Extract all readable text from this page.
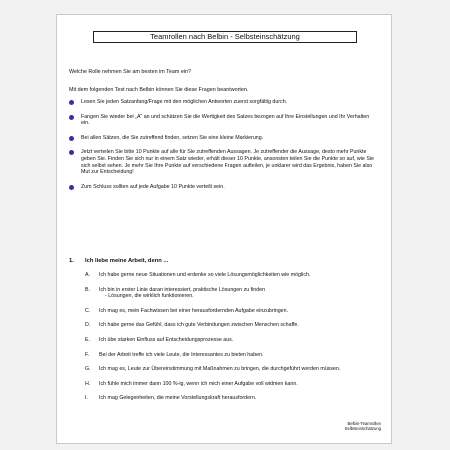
Teamrollen nach Belbin - Selbsteinschätzung
Welche Rolle nehmen Sie am besten im Team ein?
Mit dem folgenden Test nach Belbin können Sie diese Fragen beantworten.
Lesen Sie jeden Satzanfang/Frage mit den möglichen Antworten zuerst sorgfältig durch.
Fangen Sie wieder bei „A“ an und schätzen Sie die Wertigkeit des Satzes bezogen auf Ihre Einstellungen und Ihr Verhalten ein.
Bei allen Sätzen, die Sie zutreffend finden, setzen Sie eine kleine Markierung.
Jetzt verteilen Sie bitte 10 Punkte auf alle für Sie zutreffenden Aussagen. Je zutreffender die Aussage, desto mehr Punkte geben Sie. Finden Sie sich nur in einem Satz wieder, erhält dieser 10 Punkte, ansonsten teilen Sie die Punkte so auf, wie Sie sich selbst sehen. Je mehr Sie Ihre Punkte auf verschiedene Fragen aufteilen, je unklarer wird das Ergebnis, haben Sie also Mut zur Entscheidung!
Zum Schluss sollten auf jede Aufgabe 10 Punkte verteilt sein.
1. Ich liebe meine Arbeit, denn ...
A. Ich habe gerne neue Situationen und erdenke so viele Lösungsmöglichkeiten wie möglich.
B. Ich bin in erster Linie daran interessiert, praktische Lösungen zu finden
- Lösungen, die wirklich funktionieren.
C. Ich mag es, mein Fachwissen bei einer herausfordernden Aufgabe einzubringen.
D. Ich habe gerne das Gefühl, dass ich gute Verbindungen zwischen Menschen schaffe.
E. Ich übe starken Einfluss auf Entscheidungsprozesse aus.
F. Bei der Arbeit treffe ich viele Leute, die Interessantes zu bieten haben.
G. Ich mag es, Leute zur Übereinstimmung mit Maßnahmen zu bringen, die durchgeführt werden müssen.
H. Ich fühle mich immer dann 100 %-ig, wenn ich mich einer Aufgabe voll widmen kann.
I. Ich mag Gelegenheiten, die meine Vorstellungskraft herausfordern.
Belbin-Teamrollen
Selbsteinschätzung
